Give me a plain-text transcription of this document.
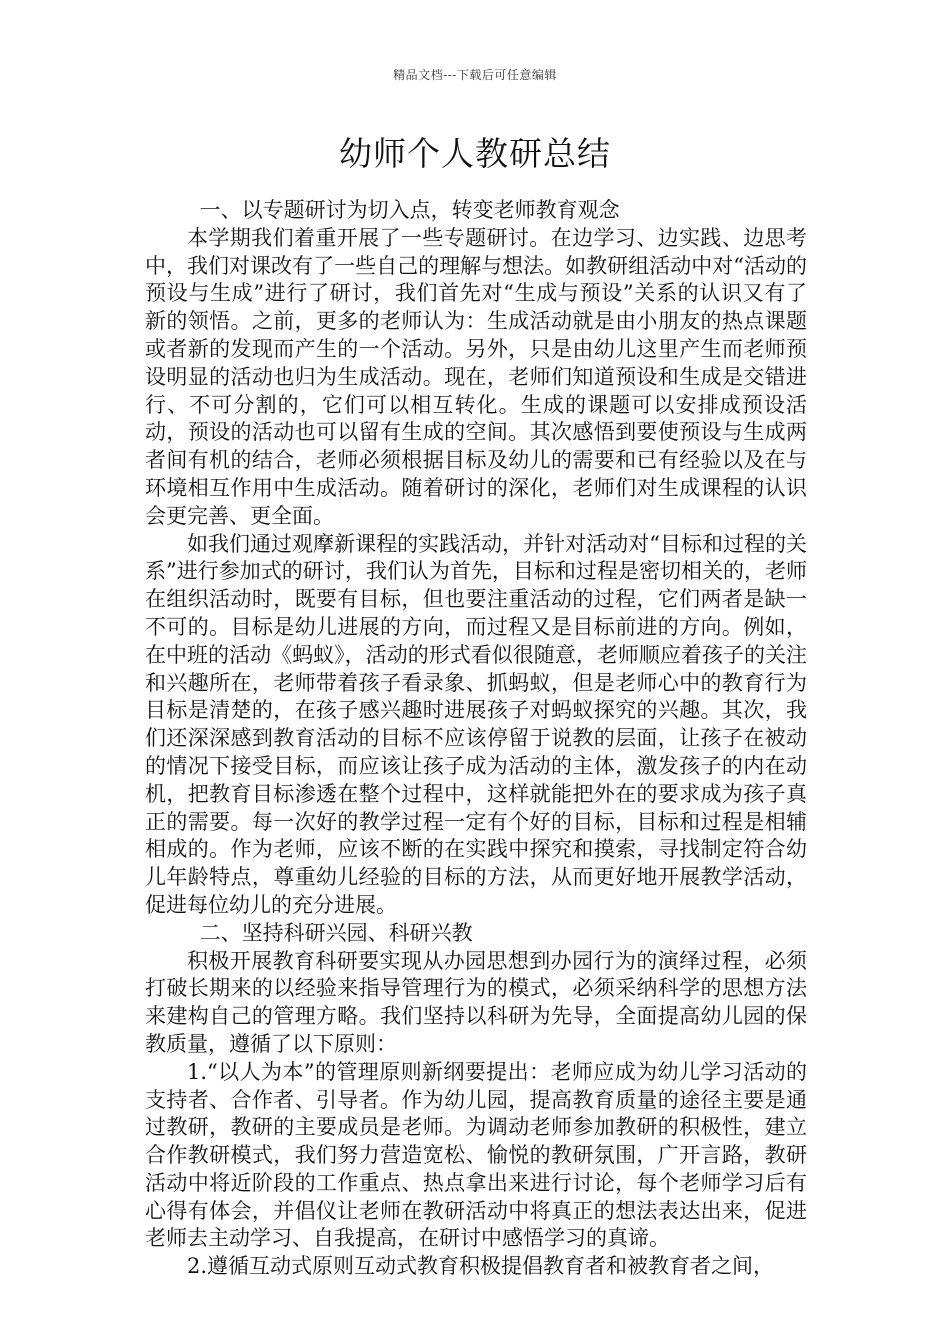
精品文档---下载后可任意编辑
幼师个人教研总结

一、以专题研讨为切入点，转变老师教育观念

本学期我们着重开展了一些专题研讨。在边学习、边实践、边思考中，我们对课改有了一些自己的理解与想法。如教研组活动中对“活动的预设与生成”进行了研讨，我们首先对“生成与预设”关系的认识又有了新的领悟。之前，更多的老师认为：生成活动就是由小朋友的热点课题或者新的发现而产生的一个活动。另外，只是由幼儿这里产生而老师预设明显的活动也归为生成活动。现在，老师们知道预设和生成是交错进行、不可分割的，它们可以相互转化。生成的课题可以安排成预设活动，预设的活动也可以留有生成的空间。其次感悟到要使预设与生成两者间有机的结合，老师必须根据目标及幼儿的需要和已有经验以及在与环境相互作用中生成活动。随着研讨的深化，老师们对生成课程的认识会更完善、更全面。

如我们通过观摩新课程的实践活动，并针对活动对“目标和过程的关系”进行参加式的研讨，我们认为首先，目标和过程是密切相关的，老师在组织活动时，既要有目标，但也要注重活动的过程，它们两者是缺一不可的。目标是幼儿进展的方向，而过程又是目标前进的方向。例如，在中班的活动《蚂蚁》，活动的形式看似很随意，老师顺应着孩子的关注和兴趣所在，老师带着孩子看录象、抓蚂蚁，但是老师心中的教育行为目标是清楚的，在孩子感兴趣时进展孩子对蚂蚁探究的兴趣。其次，我们还深深感到教育活动的目标不应该停留于说教的层面，让孩子在被动的情况下接受目标，而应该让孩子成为活动的主体，激发孩子的内在动机，把教育目标渗透在整个过程中，这样就能把外在的要求成为孩子真正的需要。每一次好的教学过程一定有个好的目标，目标和过程是相辅相成的。作为老师，应该不断的在实践中探究和摸索，寻找制定符合幼儿年龄特点，尊重幼儿经验的目标的方法，从而更好地开展教学活动，促进每位幼儿的充分进展。

二、坚持科研兴园、科研兴教

积极开展教育科研要实现从办园思想到办园行为的演绎过程，必须打破长期来的以经验来指导管理行为的模式，必须采纳科学的思想方法来建构自己的管理方略。我们坚持以科研为先导，全面提高幼儿园的保教质量，遵循了以下原则：

1.“以人为本”的管理原则新纲要提出：老师应成为幼儿学习活动的支持者、合作者、引导者。作为幼儿园，提高教育质量的途径主要是通过教研，教研的主要成员是老师。为调动老师参加教研的积极性，建立合作教研模式，我们努力营造宽松、愉悦的教研氛围，广开言路，教研活动中将近阶段的工作重点、热点拿出来进行讨论，每个老师学习后有心得有体会，并倡仪让老师在教研活动中将真正的想法表达出来，促进老师去主动学习、自我提高，在研讨中感悟学习的真谛。

2.遵循互动式原则互动式教育积极提倡教育者和被教育者之间，
